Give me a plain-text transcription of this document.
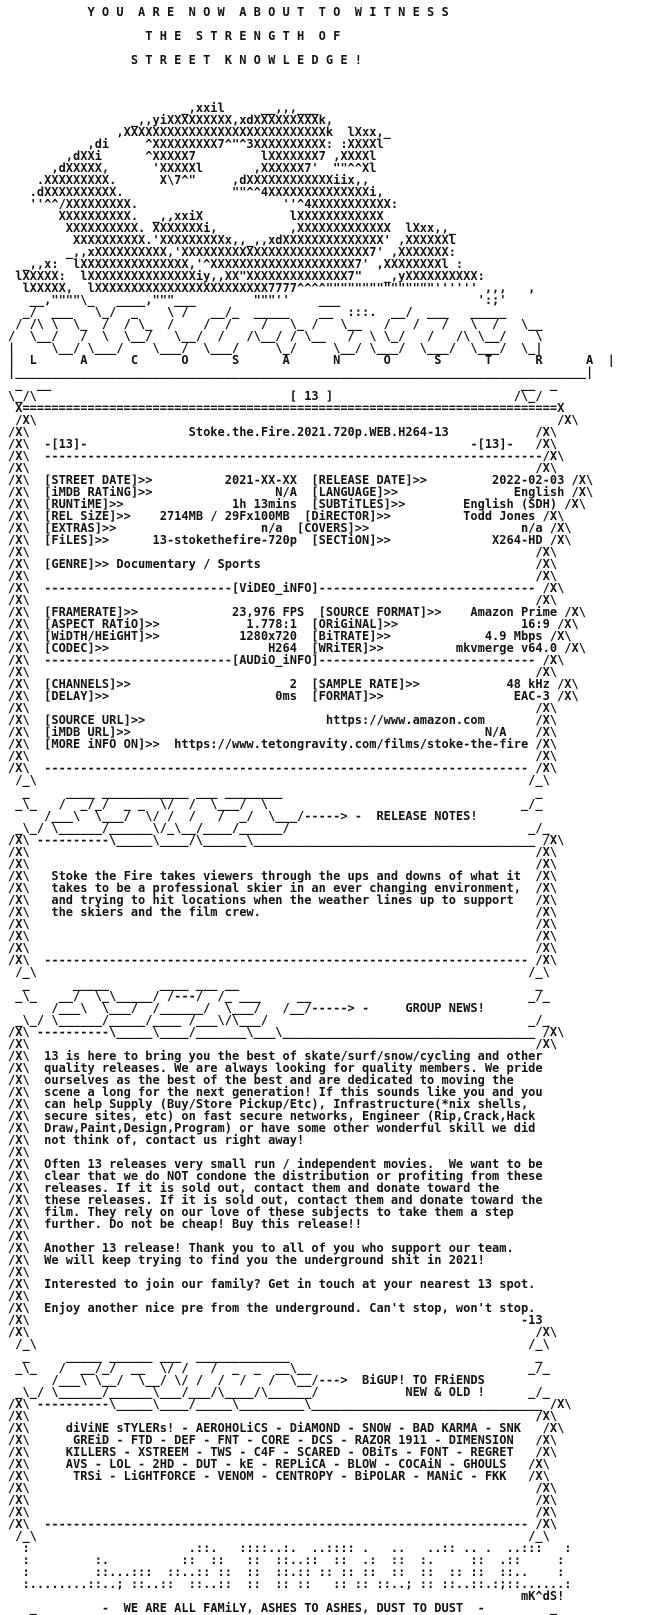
Y O U  A R E  N O W  A B O U T  T O  W I T N E S S
T H E  S T R E N G T H  O F
S T R E E T  K N O W L E D G E !
_,xxil     __,,,___
_,,yiXXXXXXXXX,xdXXXXXXXXXk,
,XXXXXXXXXXXXXXXXXXXXXXXXXXXXk  lXxx,_
,di     ^XXXXXXXXX7^"^3XXXXXXXXXX: :XXXXl
,dXXi      ^XXXXX7         lXXXXXXX7 ,XXXXl
,dXXXXX,      'XXXXXl       ,XXXXXX7'  ""^^Xl
.XXXXXXXXX.      X\7^"     ,dXXXXXXXXXXXXiix,,
.dXXXXXXXXXX.               ""^^4XXXXXXXXXXXXXXi,
''^^/XXXXXXXXX.                    ''^4XXXXXXXXXXX:
XXXXXXXXXX.  _,,xxiX            lXXXXXXXXXXXX
XXXXXXXXXX. XXXXXXXi,          ,XXXXXXXXXXXXX  lXxx,,_
XXXXXXXXXX.'XXXXXXXXXx,,_,,xdXXXXXXXXXXXXXX' ,XXXXXXl
_,,xXXXXXXXXXX,'XXXXXXXXXXXXXXXXXXXXXXXXXX7' ,XXXXXXX:
_,,x:  lXXXXXXXXXXXXXXX,'^XXXXXXXXXXXXXXXXXXXX7' ,XXXXXXXXl :
lXXXXX:  lXXXXXXXXXXXXXXXiy,,XX"XXXXXXXXXXXXXX7"   _,yXXXXXXXXXX:
lXXXXX,  lXXXXXXXXXXXXXXXXXXXXXXXX7777^^^^"""""""""""""""'''''' ,,,   ,
__,""""\_   ____,"""___        """''    ___                   ':;'
_/  ___   \_/  _    \ /   __/_  _____    __  :::.  __/  ___   _____
/ /\ \  \_  /  / \_  /    /  /    /   \_ /   \__   /   /   /   \  /   \__
/  \__/   /  \  \__/   \__/  /   /\__/ / \__   /  \ \_/   /   /\ \__/    \
|     \__/ \___/    \___/  \___/     \_/     \__/ \___/  \___/  \___/  \_|
|  L      A      C      O      S      A      N      O      S      T      R      A  |
|_______________________________________________________________________________|
_  __                                                                 __  _
\_/\                                   [ 13 ]                         /\_/
X==========================================================================X
/X\                                                                        /X\
/X\                      Stoke.the.Fire.2021.720p.WEB.H264-13            /X\
/X\  -[13]-                                                     -[13]-   /X\
/X\  ---------------------------------------------------------------------/X\
/X\                                                                      /X\
/X\  [STREET DATE]>>          2021-XX-XX  [RELEASE DATE]>>         2022-02-03 /X\
/X\  [iMDB RATiNG]>>                 N/A  [LANGUAGE]>>                English /X\
/X\  [RUNTiME]>>               1h 13mins  [SUBTiTLES]>>        English (SDH) /X\
/X\  [REL SiZE]>>    2714MB / 29Fx100MB  [DiRECTOR]>>          Todd Jones /X\
/X\  [EXTRAS]>>                    n/a  [COVERS]>>                     n/a /X\
/X\  [FiLES]>>      13-stokethefire-720p  [SECTiON]>>              X264-HD /X\
/X\                                                                      /X\
/X\  [GENRE]>> Documentary / Sports                                      /X\
/X\                                                                      /X\
/X\  --------------------------[ViDEO_iNFO]------------------------------ /X\
/X\                                                                      /X\
/X\  [FRAMERATE]>>             23,976 FPS  [SOURCE FORMAT]>>    Amazon Prime /X\
/X\  [ASPECT RATiO]>>            1.778:1  [ORiGiNAL]>>                 16:9 /X\
/X\  [WiDTH/HEiGHT]>>           1280x720  [BiTRATE]>>             4.9 Mbps /X\
/X\  [CODEC]>>                      H264  [WRiTER]>>          mkvmerge v64.0 /X\
/X\  --------------------------[AUDiO_iNFO]------------------------------ /X\
/X\                                                                      /X\
/X\  [CHANNELS]>>                      2  [SAMPLE RATE]>>            48 kHz /X\
/X\  [DELAY]>>                       0ms  [FORMAT]>>                  EAC-3 /X\
/X\                                                                      /X\
/X\  [SOURCE URL]>>                         https://www.amazon.com       /X\
/X\  [iMDB URL]>>                                                 N/A    /X\
/X\  [MORE iNFO ON]>>  https://www.tetongravity.com/films/stoke-the-fire /X\
/X\                                                                      /X\
/X\  ------------------------------------------------------------------- /X\
/_\                                                                    /_\
_     ____ ____________ ___ ________                                   _
_\_   /  _/_/  _ _  \/  /  \___/  \                                   _/_
/___\  \___/  \/ /  /   /  _/  \___/-----> -  RELEASE NOTES!
_\_/ \______/______\/_\__/____/______/                                 _/_
/X\ ----------\_____\____/\______\_______________________________________ /X\
/X\                                                                      /X\
/X\                                                                      /X\
/X\   Stoke the Fire takes viewers through the ups and downs of what it  /X\
/X\   takes to be a professional skier in an ever changing environment,  /X\
/X\   and trying to hit locations when the weather lines up to support   /X\
/X\   the skiers and the film crew.                                      /X\
/X\                                                                      /X\
/X\                                                                      /X\
/X\                                                                      /X\
/X\  ------------------------------------------------------------------- /X\
/_\                                                                    /_\
_      _____       ____ ___ __                                         _
_\_   __/  \_\_____/ /---/  /_ ___     __                              _/_
/___\  \___/  /______/  \___/   /__/-----> -     GROUP NEWS!
_\_/ \______/_____/____ /___\/\___/                                    _/_
/X\ ----------\_____\____/_______\___\___________________________________ /X\
/X\                                                                      /X\
/X\  13 is here to bring you the best of skate/surf/snow/cycling and other
/X\  quality releases. We are always looking for quality members. We pride
/X\  ourselves as the best of the best and are dedicated to moving the
/X\  scene a long for the next generation! If this sounds like you and you
/X\  can help Supply (Buy/Store Pickup/Etc), Infrastructure(*nix shells,
/X\  secure sites, etc) on fast secure networks, Engineer (Rip,Crack,Hack
/X\  Draw,Paint,Design,Program) or have some other wonderful skill we did
/X\  not think of, contact us right away!
/X\
/X\  Often 13 releases very small run / independent movies.  We want to be
/X\  clear that we do NOT condone the distribution or profiting from these
/X\  releases. If it is sold out, contact them and donate toward the
/X\  these releases. If it is sold out, contact them and donate toward the
/X\  film. They rely on our love of these subjects to take them a step
/X\  further. Do not be cheap! Buy this release!!
/X\
/X\  Another 13 release! Thank you to all of you who support our team.
/X\  We will keep trying to find you the underground shit in 2021!
/X\
/X\  Interested to join our family? Get in touch at your nearest 13 spot.
/X\
/X\  Enjoy another nice pre from the underground. Can't stop, won't stop.
/X\                                                                    -13
/X\                                                                      /X\
/_\                                                                    /_\
_     _____ ______ ___  _____________                                  _
_\_   /  __/_/  __  \/ /   /  _  _  __\__                              _/_
/___\ \__/  \__/ \/ /  /  /   /  \__/--->  BiGUP! TO FRiENDS
_\_/ \______/______\___/___/\____/\______/            NEW & OLD !      _/_
/X\ ----------\_____\____/_____\_________\________________________________ /X\
/X\                                                                      /X\
/X\     diViNE sTYLERs! - AEROHOLiCS - DiAMOND - SNOW - BAD KARMA - SNK   /X\
/X\      GREiD - FTD - DEF - FNT - CORE - DCS - RAZOR 1911 - DIMENSION   /X\
/X\     KILLERS - XSTREEM - TWS - C4F - SCARED - OBiTs - FONT - REGRET   /X\
/X\     AVS - LOL - 2HD - DUT - kE - REPLiCA - BLOW - COCAiN - GHOULS   /X\
/X\      TRSi - LiGHTFORCE - VENOM - CENTROPY - BiPOLAR - MANiC - FKK   /X\
/X\                                                                      /X\
/X\                                                                      /X\
/X\                                                                      /X\
/X\  ------------------------------------------------------------------- /X\
/_\                                                                    /_\
:                      .::.   ::::..:.  ..:::: .   ..   ..:: .. .  ..:::   :
:         :.          ::  ::   ::  ::..::  ::  .:  ::  :.     ::  .::     :
:         ::...:::  ::..:: ::  ::  ::.:: :: :: ::  ::  ::  :: ::  ::..    :
:........::..; ::..::  ::..::  ::  :: ::   :: :: ::..; :: ::..::.:;::......:
mK^dS!
_         -  WE ARE ALL FAMiLY, ASHES TO ASHES, DUST TO DUST  -         _
